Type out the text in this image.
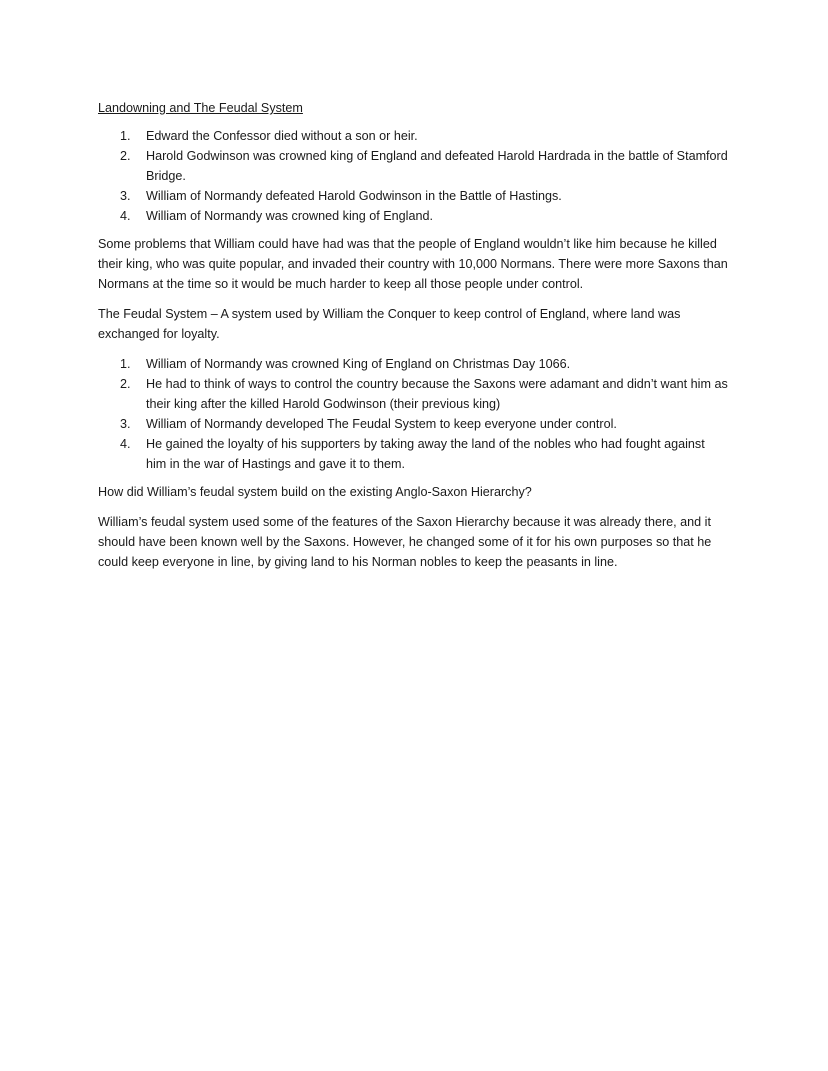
Landowning and The Feudal System

1. Edward the Confessor died without a son or heir.
2. Harold Godwinson was crowned king of England and defeated Harold Hardrada in the battle of Stamford Bridge.
3. William of Normandy defeated Harold Godwinson in the Battle of Hastings.
4. William of Normandy was crowned king of England.

Some problems that William could have had was that the people of England wouldn’t like him because he killed their king, who was quite popular, and invaded their country with 10,000 Normans. There were more Saxons than Normans at the time so it would be much harder to keep all those people under control.

The Feudal System – A system used by William the Conquer to keep control of England, where land was exchanged for loyalty.

1. William of Normandy was crowned King of England on Christmas Day 1066.
2. He had to think of ways to control the country because the Saxons were adamant and didn’t want him as their king after the killed Harold Godwinson (their previous king)
3. William of Normandy developed The Feudal System to keep everyone under control.
4. He gained the loyalty of his supporters by taking away the land of the nobles who had fought against him in the war of Hastings and gave it to them.

How did William’s feudal system build on the existing Anglo-Saxon Hierarchy?

William’s feudal system used some of the features of the Saxon Hierarchy because it was already there, and it should have been known well by the Saxons. However, he changed some of it for his own purposes so that he could keep everyone in line, by giving land to his Norman nobles to keep the peasants in line.
